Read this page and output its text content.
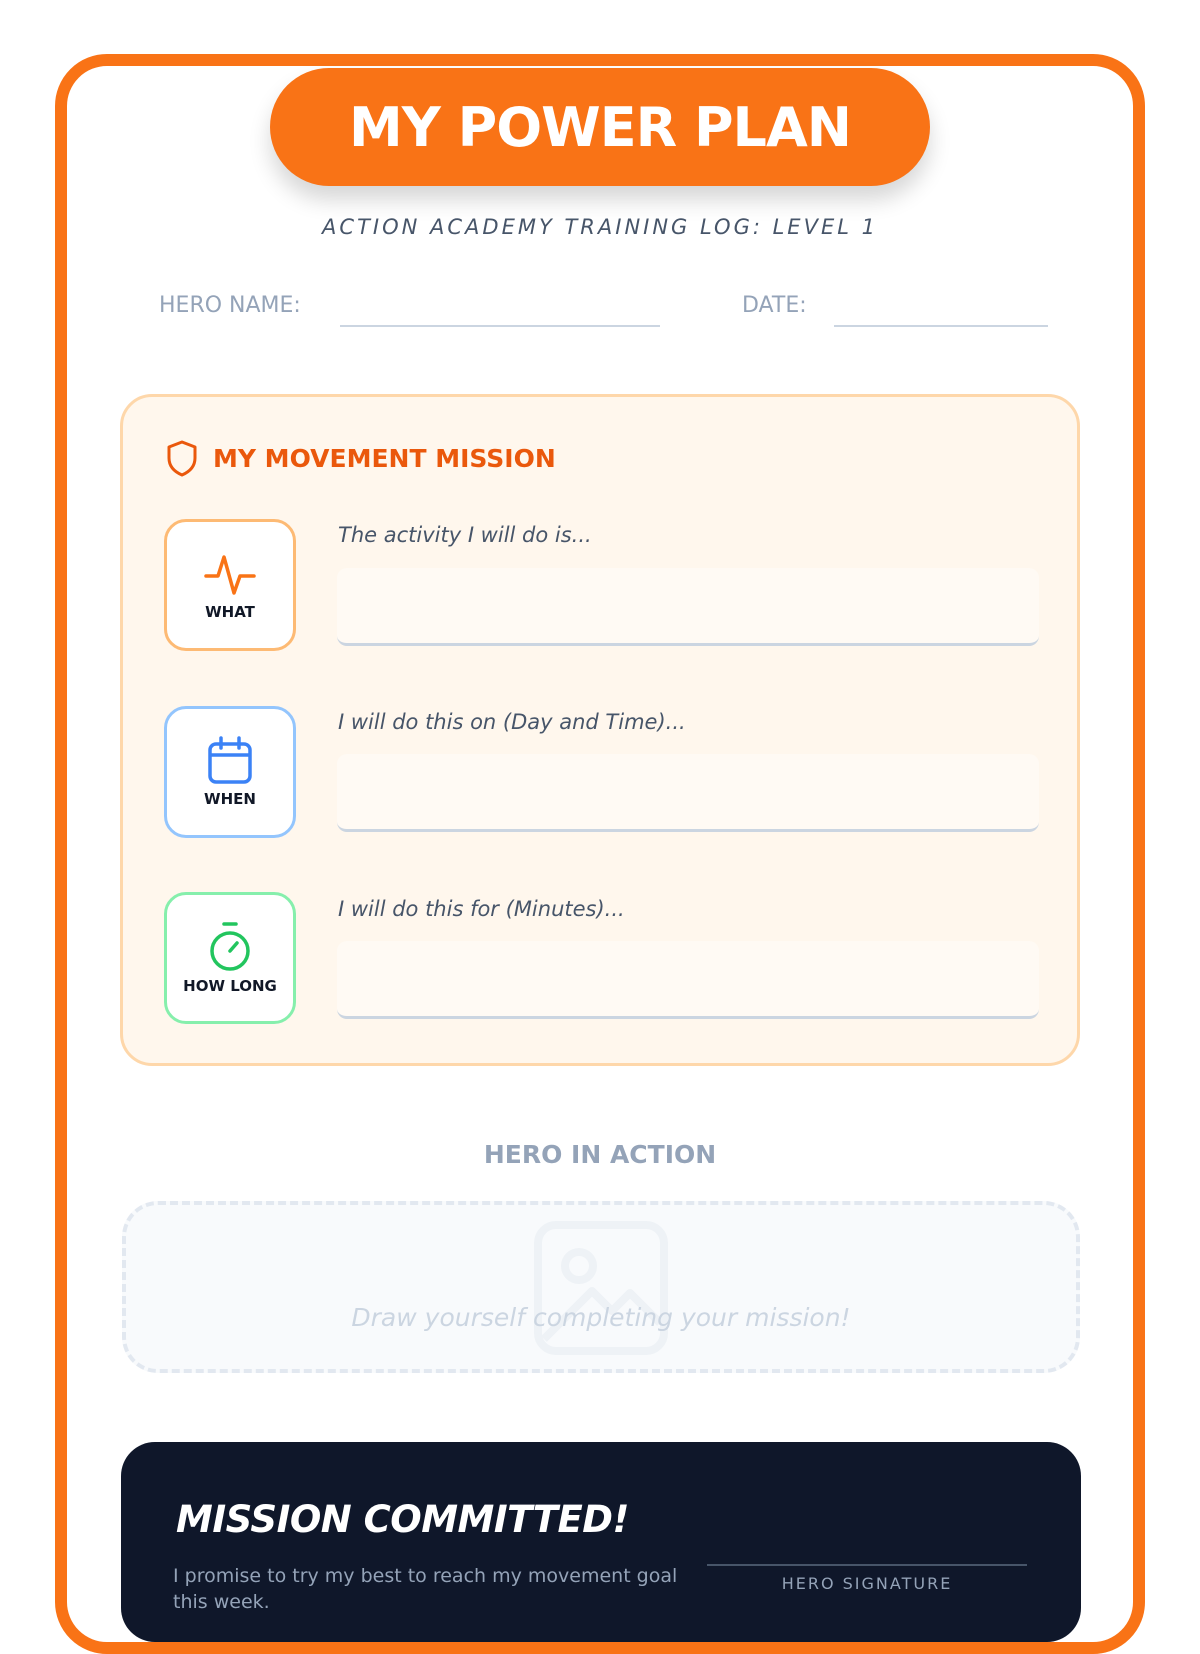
MY POWER PLAN
ACTION ACADEMY TRAINING LOG: LEVEL 1
HERO NAME:	DATE:
MY MOVEMENT MISSION
WHAT
The activity I will do is...
WHEN
I will do this on (Day and Time)...
HOW LONG
I will do this for (Minutes)...
HERO IN ACTION
Draw yourself completing your mission!
MISSION COMMITTED!
I promise to try my best to reach my movement goal this week.
HERO SIGNATURE
